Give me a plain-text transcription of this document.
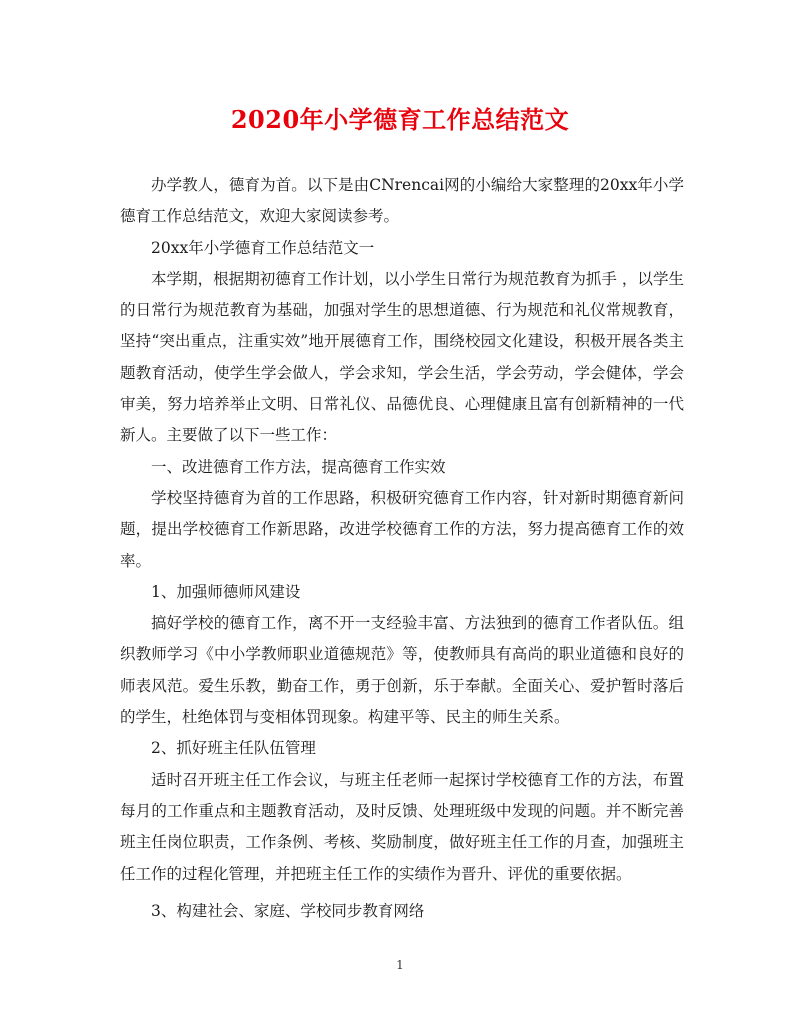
2020年小学德育工作总结范文

办学教人，德育为首。以下是由CNrencai网的小编给大家整理的20xx年小学德育工作总结范文，欢迎大家阅读参考。

20xx年小学德育工作总结范文一

本学期，根据期初德育工作计划，以小学生日常行为规范教育为抓手 ，以学生的日常行为规范教育为基础，加强对学生的思想道德、行为规范和礼仪常规教育，坚持“突出重点，注重实效”地开展德育工作，围绕校园文化建设，积极开展各类主题教育活动，使学生学会做人，学会求知，学会生活，学会劳动，学会健体，学会审美，努力培养举止文明、日常礼仪、品德优良、心理健康且富有创新精神的一代新人。主要做了以下一些工作：

一、改进德育工作方法，提高德育工作实效

学校坚持德育为首的工作思路，积极研究德育工作内容，针对新时期德育新问题，提出学校德育工作新思路，改进学校德育工作的方法，努力提高德育工作的效率。

1、加强师德师风建设

搞好学校的德育工作，离不开一支经验丰富、方法独到的德育工作者队伍。组织教师学习《中小学教师职业道德规范》等，使教师具有高尚的职业道德和良好的师表风范。爱生乐教，勤奋工作，勇于创新，乐于奉献。全面关心、爱护暂时落后的学生，杜绝体罚与变相体罚现象。构建平等、民主的师生关系。

2、抓好班主任队伍管理

适时召开班主任工作会议，与班主任老师一起探讨学校德育工作的方法，布置每月的工作重点和主题教育活动，及时反馈、处理班级中发现的问题。并不断完善班主任岗位职责，工作条例、考核、奖励制度，做好班主任工作的月查，加强班主任工作的过程化管理，并把班主任工作的实绩作为晋升、评优的重要依据。

3、构建社会、家庭、学校同步教育网络

1
